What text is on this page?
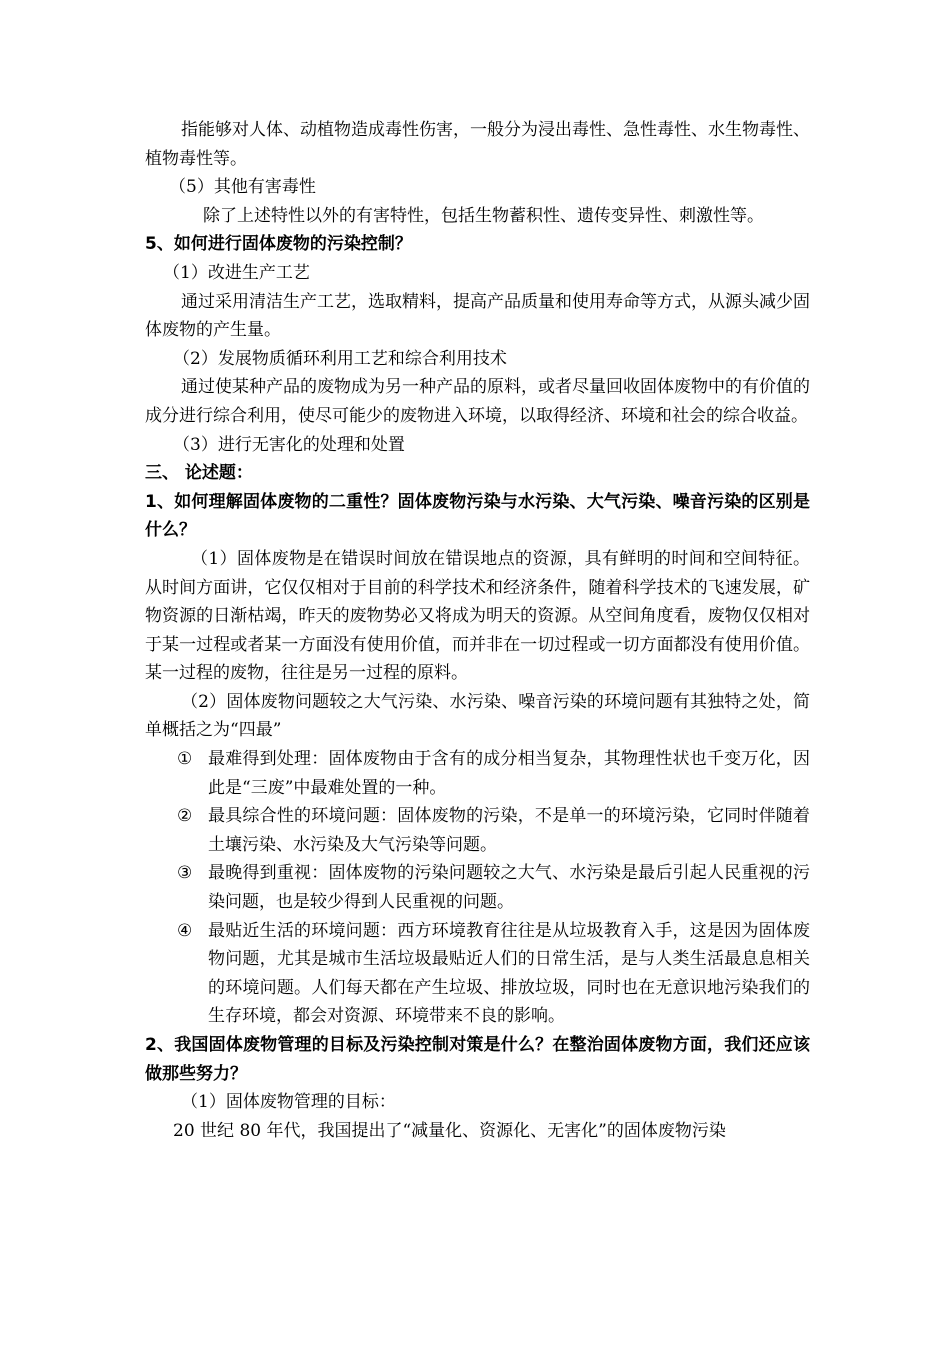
指能够对人体、动植物造成毒性伤害，一般分为浸出毒性、急性毒性、水生物毒性、植物毒性等。

（5）其他有害毒性

除了上述特性以外的有害特性，包括生物蓄积性、遗传变异性、刺激性等。

5、如何进行固体废物的污染控制？

（1）改进生产工艺

通过采用清洁生产工艺，选取精料，提高产品质量和使用寿命等方式，从源头减少固体废物的产生量。

（2）发展物质循环利用工艺和综合利用技术

通过使某种产品的废物成为另一种产品的原料，或者尽量回收固体废物中的有价值的成分进行综合利用，使尽可能少的废物进入环境，以取得经济、环境和社会的综合收益。

（3）进行无害化的处理和处置

三、 论述题：

1、如何理解固体废物的二重性？固体废物污染与水污染、大气污染、噪音污染的区别是什么？

（1）固体废物是在错误时间放在错误地点的资源，具有鲜明的时间和空间特征。从时间方面讲，它仅仅相对于目前的科学技术和经济条件，随着科学技术的飞速发展，矿物资源的日渐枯竭，昨天的废物势必又将成为明天的资源。从空间角度看，废物仅仅相对于某一过程或者某一方面没有使用价值，而并非在一切过程或一切方面都没有使用价值。某一过程的废物，往往是另一过程的原料。

（2）固体废物问题较之大气污染、水污染、噪音污染的环境问题有其独特之处，简单概括之为“四最”

① 最难得到处理：固体废物由于含有的成分相当复杂，其物理性状也千变万化，因此是“三废”中最难处置的一种。
② 最具综合性的环境问题：固体废物的污染，不是单一的环境污染，它同时伴随着土壤污染、水污染及大气污染等问题。
③ 最晚得到重视：固体废物的污染问题较之大气、水污染是最后引起人民重视的污染问题，也是较少得到人民重视的问题。
④ 最贴近生活的环境问题：西方环境教育往往是从垃圾教育入手，这是因为固体废物问题，尤其是城市生活垃圾最贴近人们的日常生活，是与人类生活最息息相关的环境问题。人们每天都在产生垃圾、排放垃圾，同时也在无意识地污染我们的生存环境，都会对资源、环境带来不良的影响。

2、我国固体废物管理的目标及污染控制对策是什么？在整治固体废物方面，我们还应该做那些努力？

（1）固体废物管理的目标：

20 世纪 80 年代，我国提出了“减量化、资源化、无害化”的固体废物污染
